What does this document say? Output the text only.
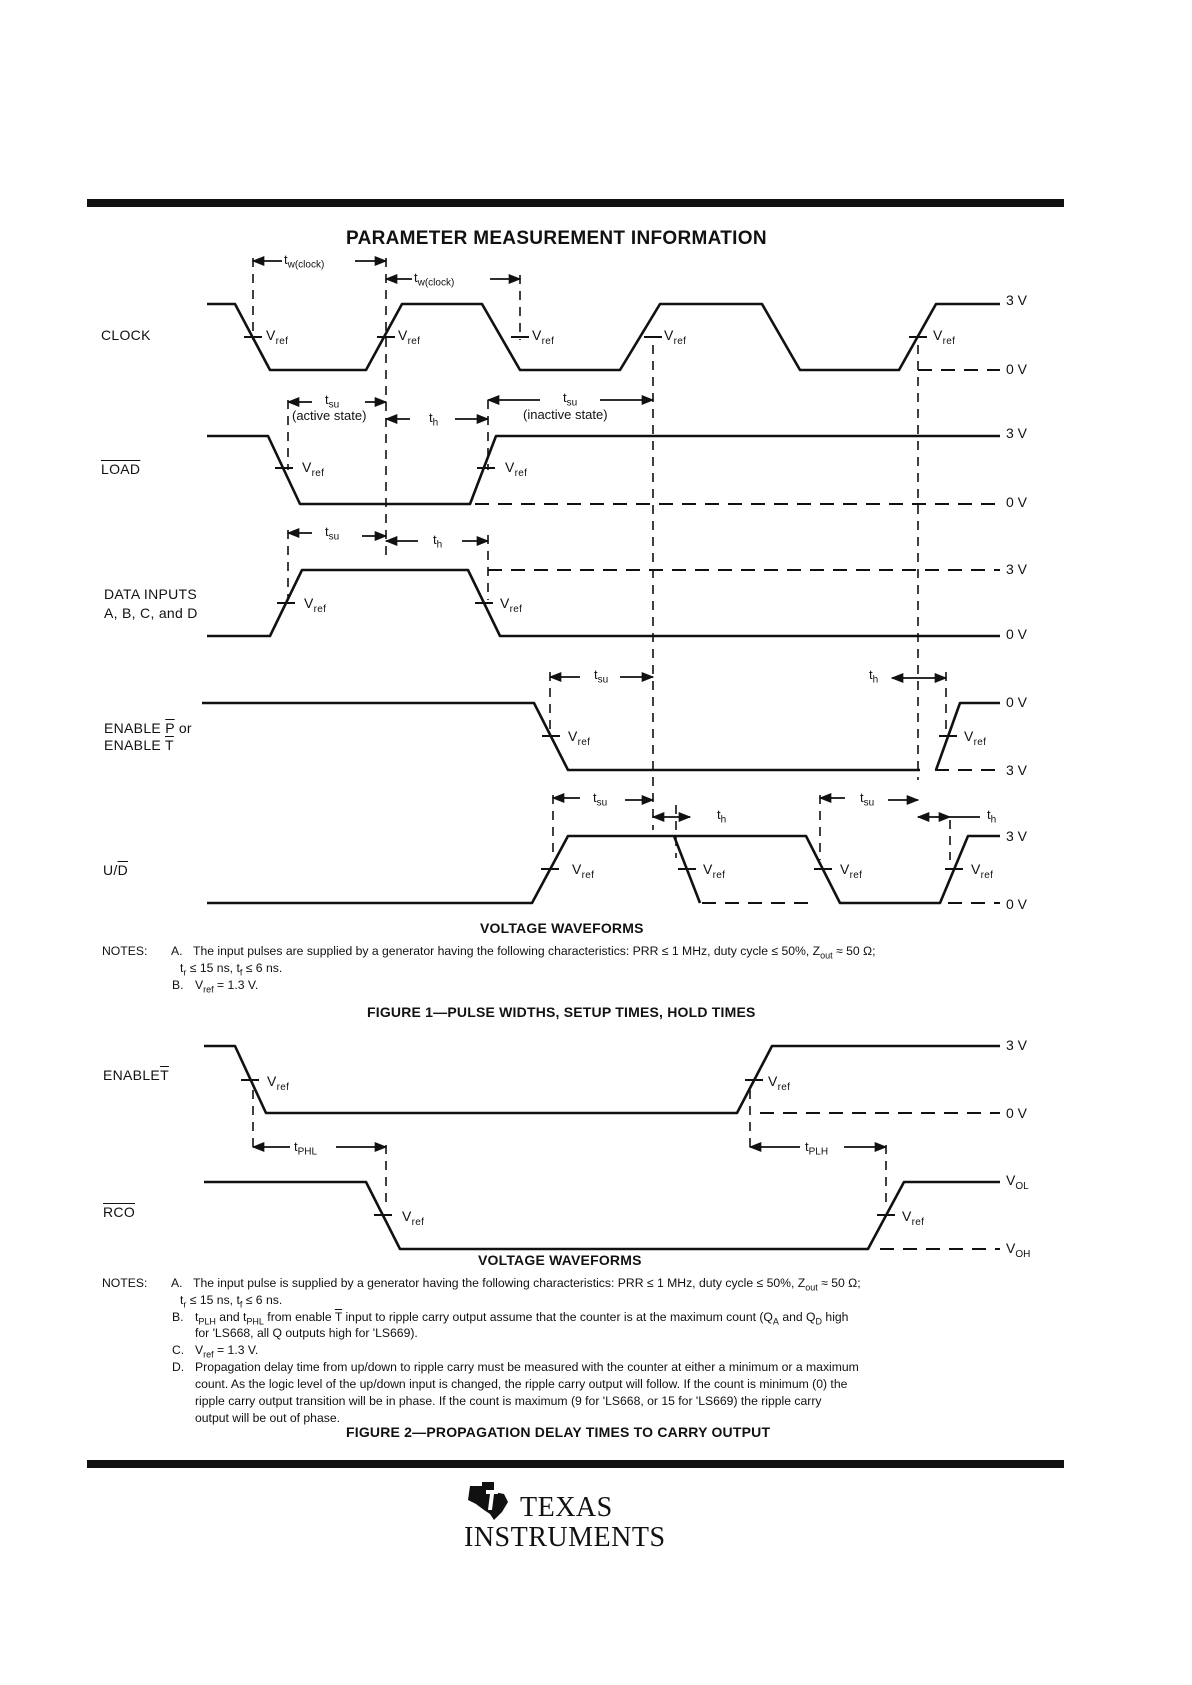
PARAMETER MEASUREMENT INFORMATION
CLOCK
LOAD
DATA INPUTS
A, B, C, and D
ENABLE $\overline{P}$ or
ENABLE $\overline{T}$
$U/\overline{D}$
$ENABLE\overline{T}$
$\overline{RCO}$
3 V
0 V
3 V
0 V
3 V
0 V
0 V
3 V
3 V
0 V
3 V
0 V
$V_{OL}$
$V_{OH}$
$V_{ref}$	$V_{ref}$	$V_{ref}$	$V_{ref}$	$V_{ref}$
$V_{ref}$	$V_{ref}$
$V_{ref}$	$V_{ref}$
$V_{ref}$	$V_{ref}$
$V_{ref}$	$V_{ref}$	$V_{ref}$	$V_{ref}$
$V_{ref}$	$V_{ref}$
$V_{ref}$	$V_{ref}$
$t_{w(clock)}$
$t_{w(clock)}$
$t_{su}$
(active state)	$t_h$
$t_{su}$
(inactive state)
$t_{su}$	$t_h$
$t_{su}$	$t_h$
$t_{su}$
$t_h$
$t_{su}$
$t_h$
$t_{PHL}$	$t_{PLH}$
VOLTAGE WAVEFORMS
NOTES: A. The input pulses are supplied by a generator having the following characteristics: PRR ≤ 1 MHz, duty cycle ≤ 50%, $Z_{out} \approx 50$ Ω;
$t_r \le 15$ ns, $t_f \le 6$ ns.
B. $V_{ref} = 1.3$ V.
FIGURE 1—PULSE WIDTHS, SETUP TIMES, HOLD TIMES
VOLTAGE WAVEFORMS
NOTES: A. The input pulse is supplied by a generator having the following characteristics: PRR ≤ 1 MHz, duty cycle ≤ 50%, $Z_{out} \approx 50$ Ω;
$t_r \le 15$ ns, $t_f \le 6$ ns.
B. $t_{PLH}$ and $t_{PHL}$ from enable $\overline{T}$ input to ripple carry output assume that the counter is at the maximum count ($Q_A$ and $Q_D$ high
for 'LS668, all Q outputs high for 'LS669).
C. $V_{ref} = 1.3$ V.
D. Propagation delay time from up/down to ripple carry must be measured with the counter at either a minimum or a maximum
count. As the logic level of the up/down input is changed, the ripple carry output will follow. If the count is minimum (0) the
ripple carry output transition will be in phase. If the count is maximum (9 for 'LS668, or 15 for 'LS669) the ripple carry
output will be out of phase.
FIGURE 2—PROPAGATION DELAY TIMES TO CARRY OUTPUT
TEXAS
INSTRUMENTS
